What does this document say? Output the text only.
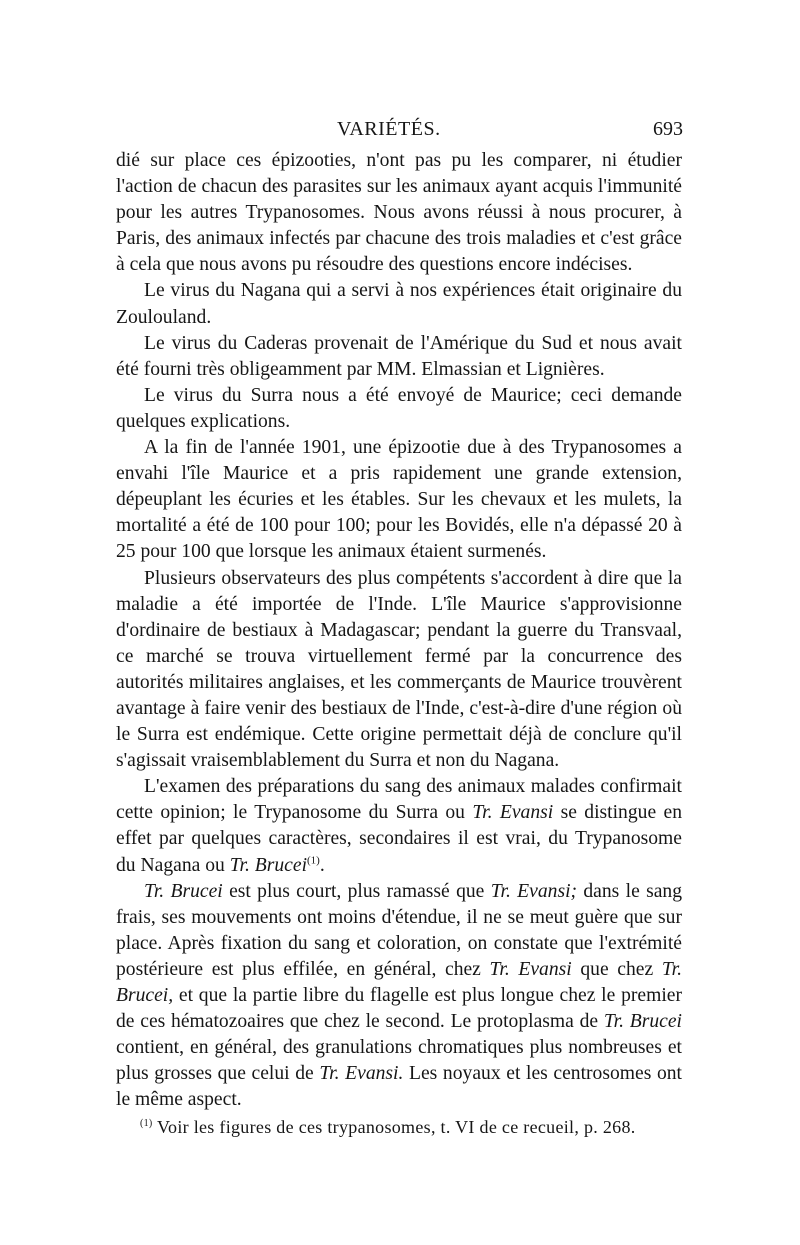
VARIÉTÉS.	693

dié sur place ces épizooties, n'ont pas pu les comparer, ni étudier l'action de chacun des parasites sur les animaux ayant acquis l'immunité pour les autres Trypanosomes. Nous avons réussi à nous procurer, à Paris, des animaux infectés par chacune des trois maladies et c'est grâce à cela que nous avons pu résoudre des questions encore indécises.

Le virus du Nagana qui a servi à nos expériences était originaire du Zoulouland.

Le virus du Caderas provenait de l'Amérique du Sud et nous avait été fourni très obligeamment par MM. Elmassian et Lignières.

Le virus du Surra nous a été envoyé de Maurice; ceci demande quelques explications.

A la fin de l'année 1901, une épizootie due à des Trypanosomes a envahi l'île Maurice et a pris rapidement une grande extension, dépeuplant les écuries et les étables. Sur les chevaux et les mulets, la mortalité a été de 100 pour 100; pour les Bovidés, elle n'a dépassé 20 à 25 pour 100 que lorsque les animaux étaient surmenés.

Plusieurs observateurs des plus compétents s'accordent à dire que la maladie a été importée de l'Inde. L'île Maurice s'approvisionne d'ordinaire de bestiaux à Madagascar; pendant la guerre du Transvaal, ce marché se trouva virtuellement fermé par la concurrence des autorités militaires anglaises, et les commerçants de Maurice trouvèrent avantage à faire venir des bestiaux de l'Inde, c'est-à-dire d'une région où le Surra est endémique. Cette origine permettait déjà de conclure qu'il s'agissait vraisemblablement du Surra et non du Nagana.

L'examen des préparations du sang des animaux malades confirmait cette opinion; le Trypanosome du Surra ou Tr. Evansi se distingue en effet par quelques caractères, secondaires il est vrai, du Trypanosome du Nagana ou Tr. Brucei$^{(1)}$.

Tr. Brucei est plus court, plus ramassé que Tr. Evansi; dans le sang frais, ses mouvements ont moins d'étendue, il ne se meut guère que sur place. Après fixation du sang et coloration, on constate que l'extrémité postérieure est plus effilée, en général, chez Tr. Evansi que chez Tr. Brucei, et que la partie libre du flagelle est plus longue chez le premier de ces hématozoaires que chez le second. Le protoplasma de Tr. Brucei contient, en général, des granulations chromatiques plus nombreuses et plus grosses que celui de Tr. Evansi. Les noyaux et les centrosomes ont le même aspect.

$^{(1)}$ Voir les figures de ces trypanosomes, t. VI de ce recueil, p. 268.
